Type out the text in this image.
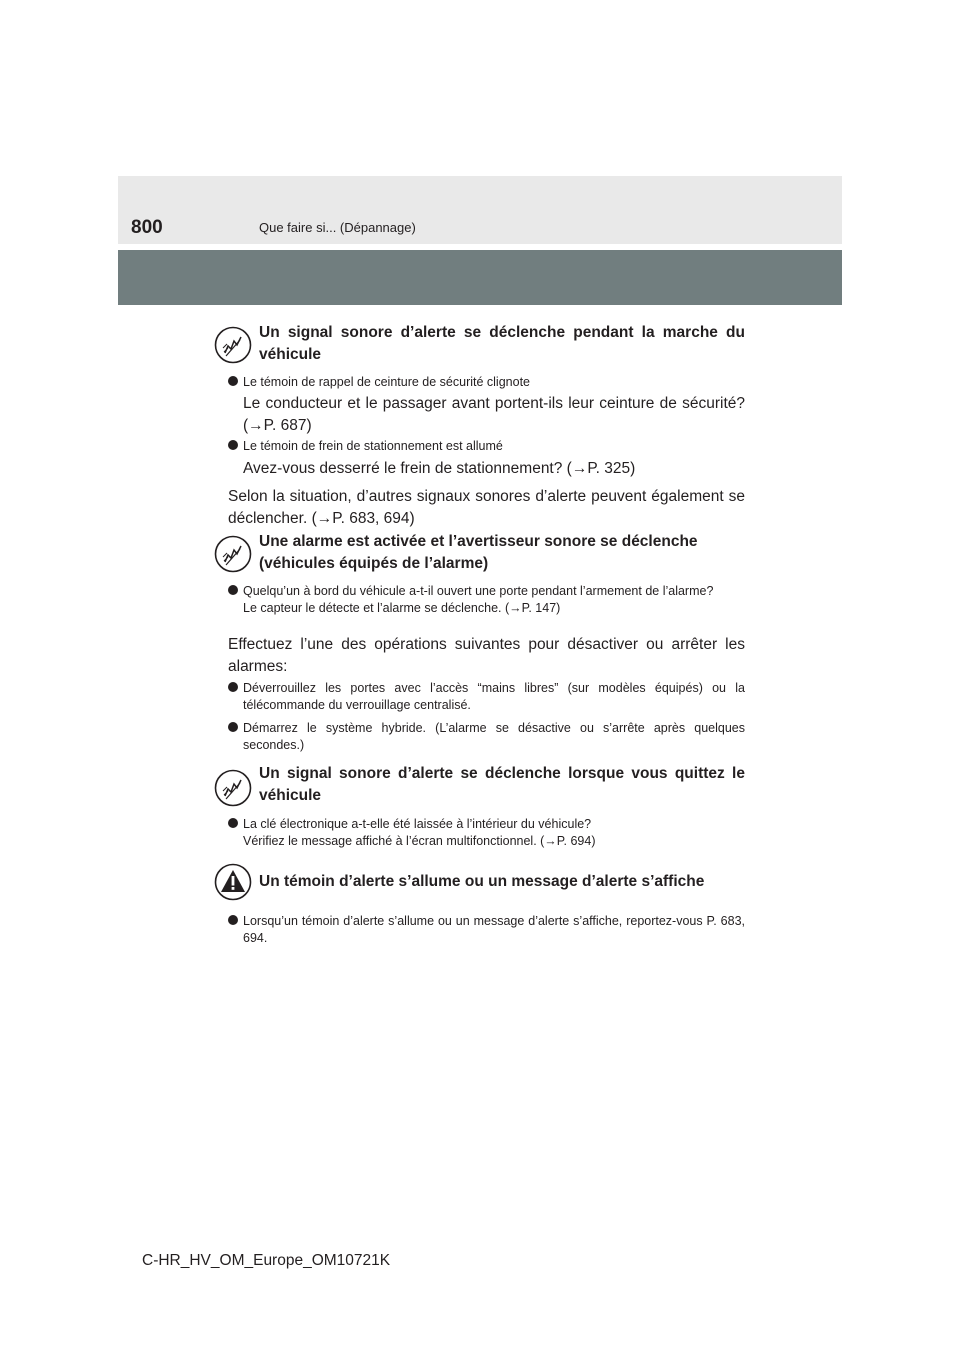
800	Que faire si... (Dépannage)
Un signal sonore d’alerte se déclenche pendant la marche du véhicule
Le témoin de rappel de ceinture de sécurité clignote
Le conducteur et le passager avant portent-ils leur ceinture de sécurité? (→P. 687)
Le témoin de frein de stationnement est allumé
Avez-vous desserré le frein de stationnement? (→P. 325)
Selon la situation, d’autres signaux sonores d’alerte peuvent également se déclencher. (→P. 683, 694)
Une alarme est activée et l’avertisseur sonore se déclenche
(véhicules équipés de l’alarme)
Quelqu’un à bord du véhicule a-t-il ouvert une porte pendant l’armement de l’alarme?
Le capteur le détecte et l’alarme se déclenche. (→P. 147)
Effectuez l’une des opérations suivantes pour désactiver ou arrêter les alarmes:
Déverrouillez les portes avec l’accès “mains libres” (sur modèles équipés) ou la télécommande du verrouillage centralisé.
Démarrez le système hybride. (L’alarme se désactive ou s’arrête après quelques secondes.)
Un signal sonore d’alerte se déclenche lorsque vous quittez le véhicule
La clé électronique a-t-elle été laissée à l’intérieur du véhicule?
Vérifiez le message affiché à l’écran multifonctionnel. (→P. 694)
Un témoin d’alerte s’allume ou un message d’alerte s’affiche
Lorsqu’un témoin d’alerte s’allume ou un message d’alerte s’affiche, reportez-vous P. 683, 694.
C-HR_HV_OM_Europe_OM10721K
